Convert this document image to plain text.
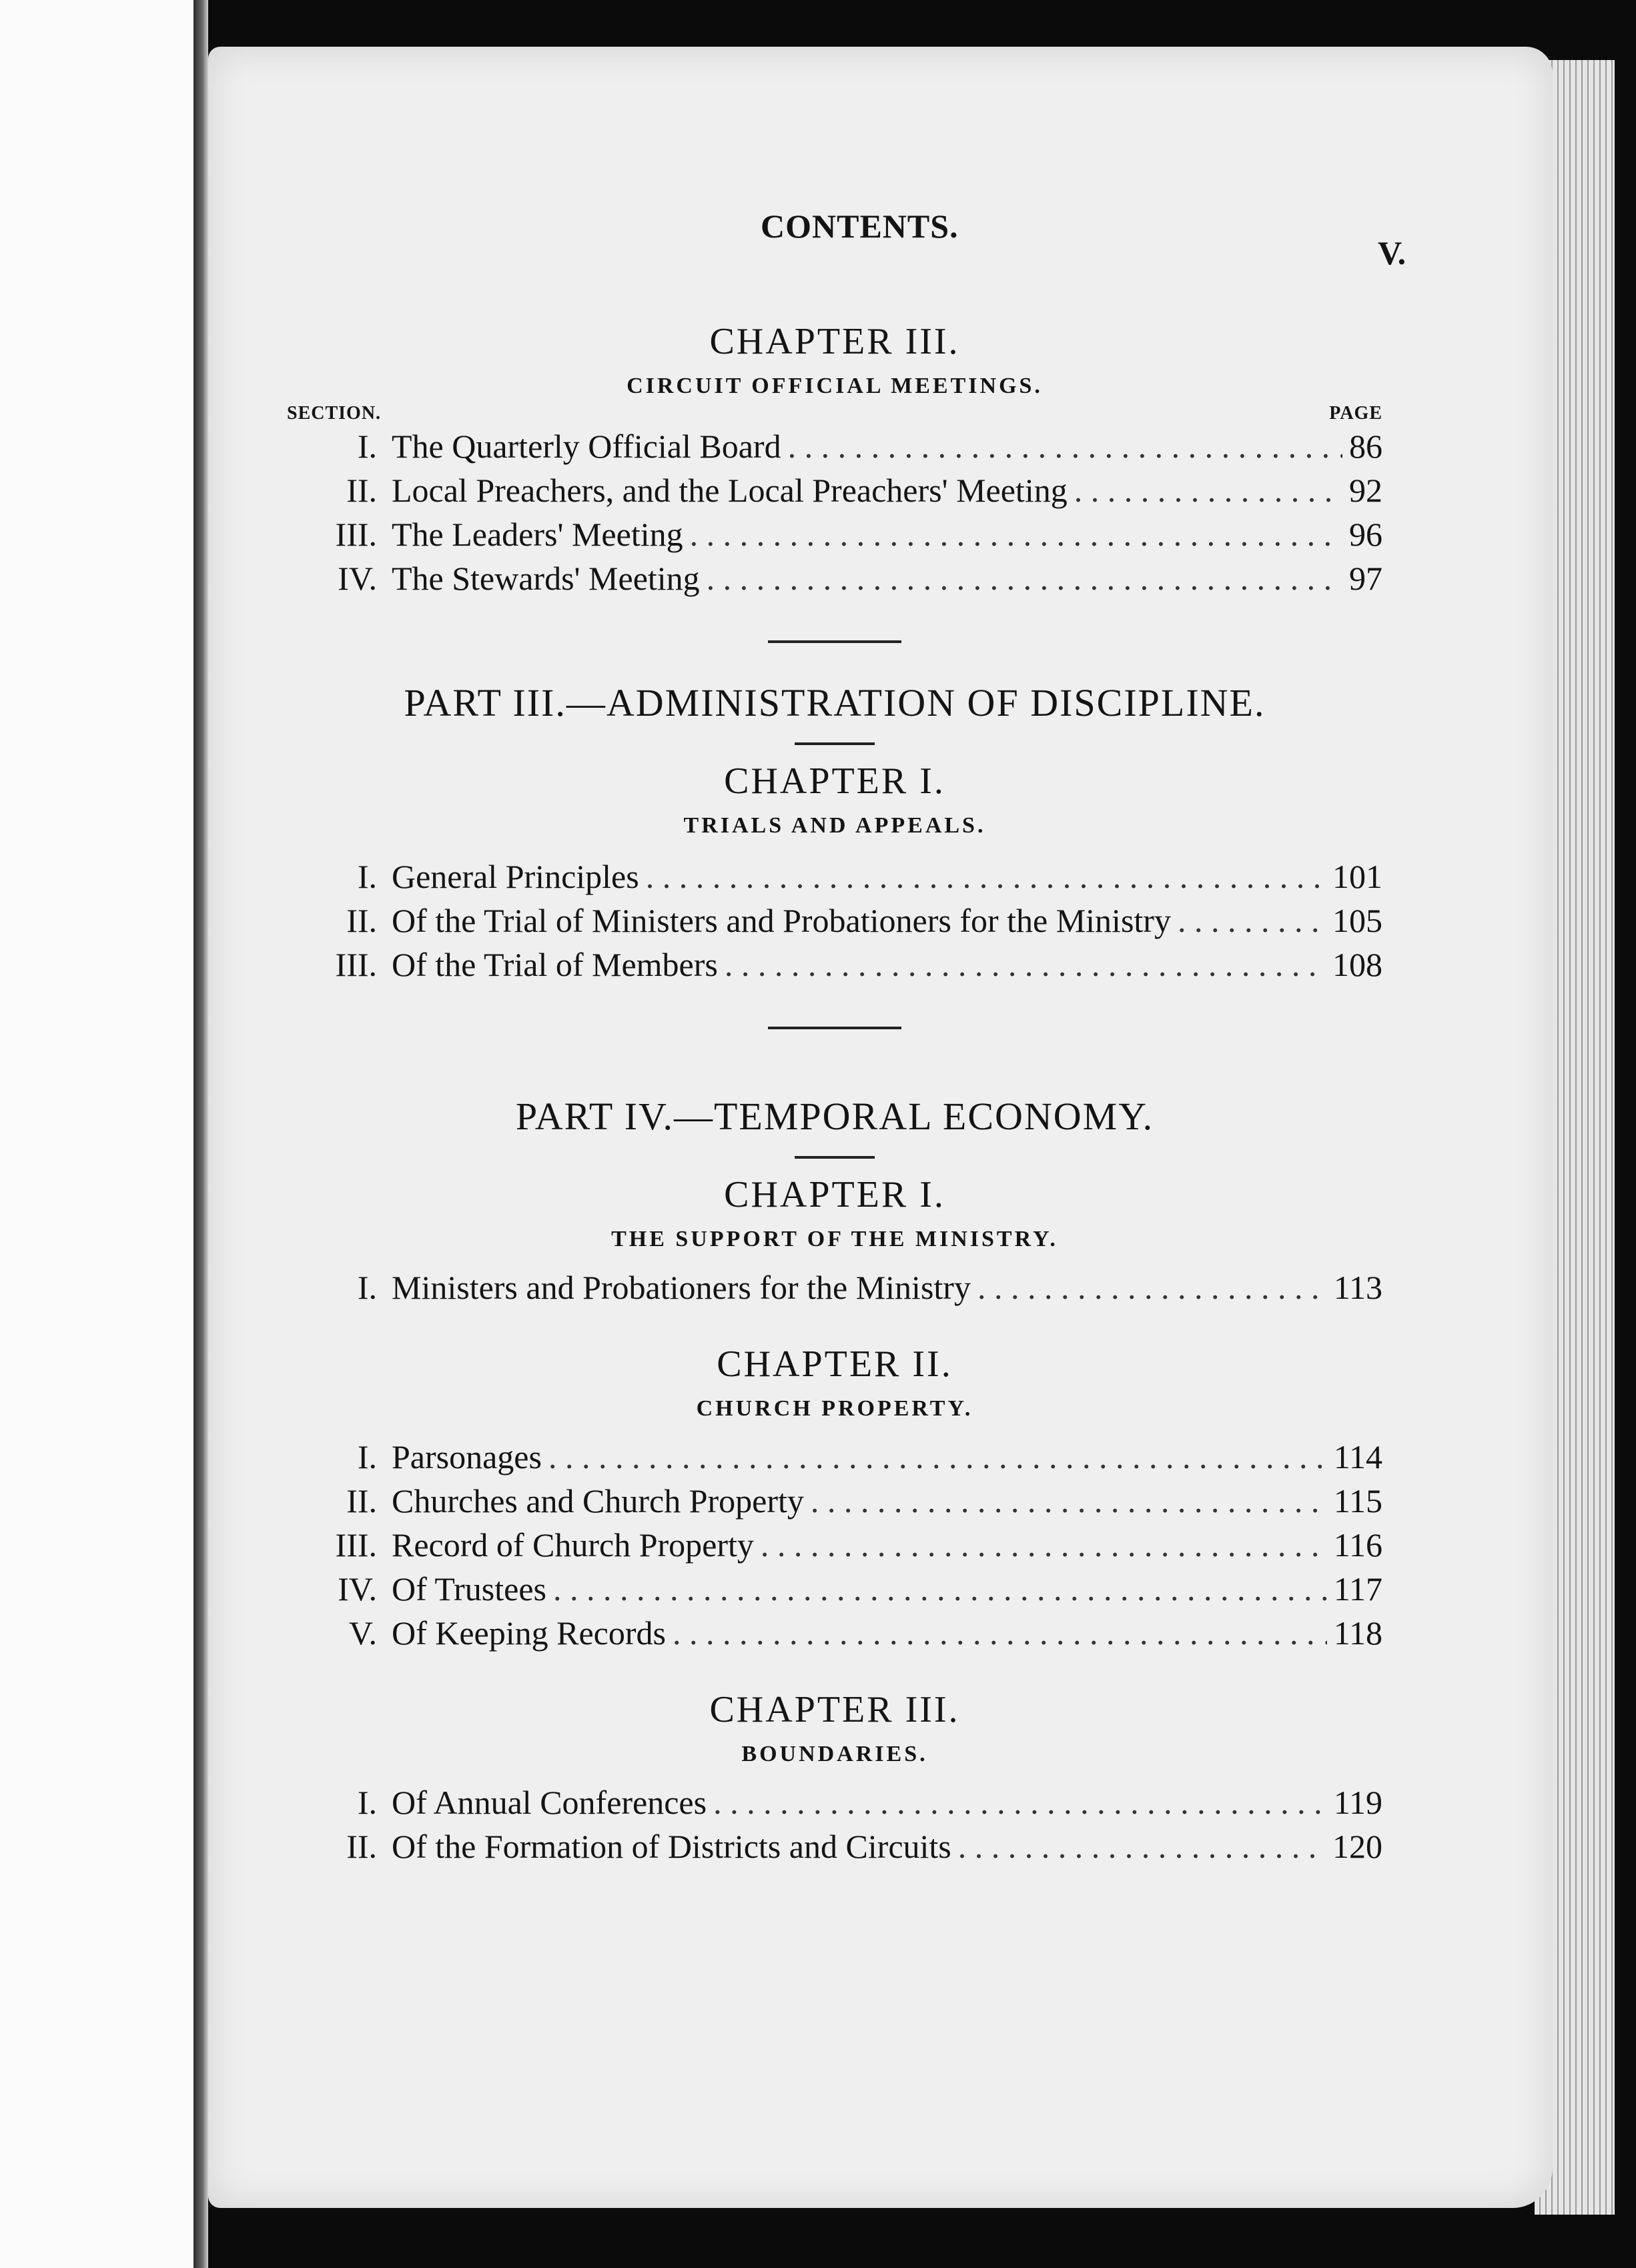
CONTENTS.
V.
CHAPTER III.
CIRCUIT OFFICIAL MEETINGS.
SECTION.	PAGE
I. The Quarterly Official Board . . .	86
II. Local Preachers, and the Local Preachers' Meeting . . .	92
III. The Leaders' Meeting . . .	96
IV. The Stewards' Meeting . . .	97
PART III.—ADMINISTRATION OF DISCIPLINE.
CHAPTER I.
TRIALS AND APPEALS.
I. General Principles . . .	101
II. Of the Trial of Ministers and Probationers for the Ministry . . .	105
III. Of the Trial of Members . . .	108
PART IV.—TEMPORAL ECONOMY.
CHAPTER I.
THE SUPPORT OF THE MINISTRY.
I. Ministers and Probationers for the Ministry . . .	113
CHAPTER II.
CHURCH PROPERTY.
I. Parsonages . . .	114
II. Churches and Church Property . . .	115
III. Record of Church Property . . .	116
IV. Of Trustees . . .	117
V. Of Keeping Records . . .	118
CHAPTER III.
BOUNDARIES.
I. Of Annual Conferences . . .	119
II. Of the Formation of Districts and Circuits . . .	120
